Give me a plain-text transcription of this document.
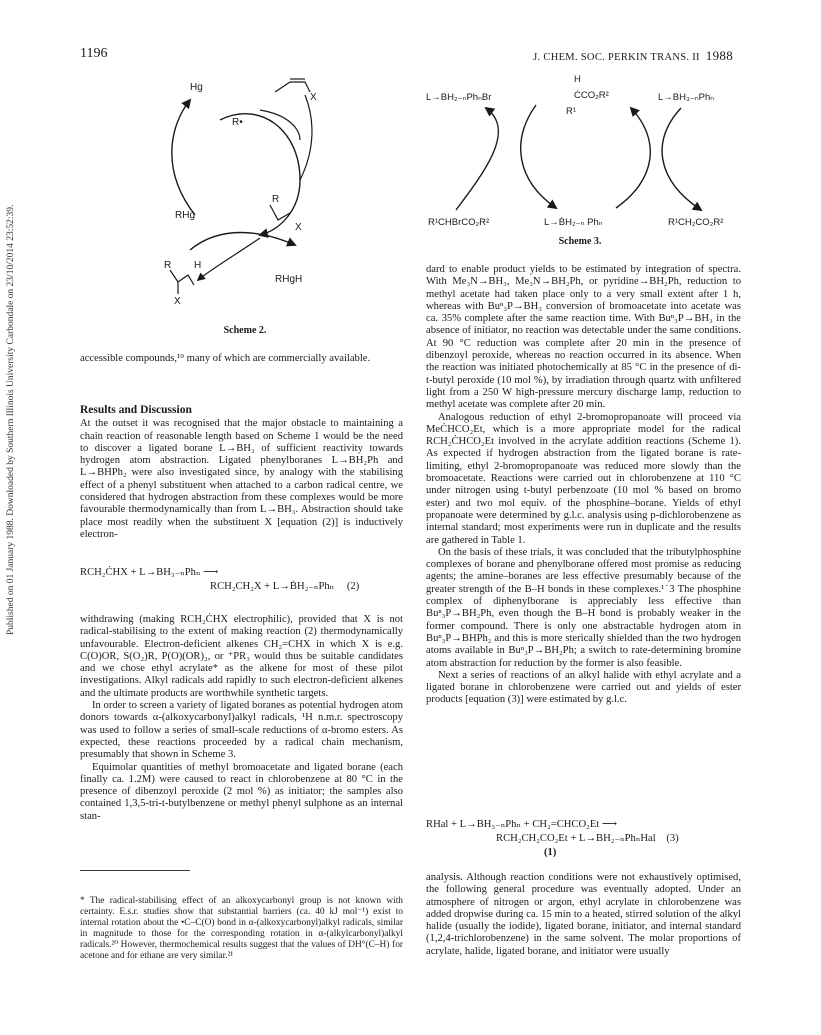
Published on 01 January 1988. Downloaded by Southern Illinois University Carbondale on 23/10/2014 23:52:39.
1196	J. CHEM. SOC. PERKIN TRANS. II 1988
Hg
X
R•
R
X
RHg
R H
X
RHgH
Scheme 2.
L→BH₂₋ₙPhₙBr
H
ĊCO₂R²
R¹
L→BH₃₋ₙPhₙ
R¹CHBrCO₂R²	L→ḂH₂₋ₙ Phₙ	R¹CH₂CO₂R²
Scheme 3.

accessible compounds,¹⁹ many of which are commercially available.

Results and Discussion

At the outset it was recognised that the major obstacle to maintaining a chain reaction of reasonable length based on Scheme 1 would be the need to discover a ligated borane L→BH₃ of sufficient reactivity towards hydrogen atom abstraction. Ligated phenylboranes L→BH₂Ph and L→BHPh₂ were also investigated since, by analogy with the stabilising effect of a phenyl substituent when attached to a carbon radical centre, we considered that hydrogen abstraction from these complexes would be more favourable thermodynamically than from L→BH₃. Abstraction should take place most readily when the substituent X [equation (2)] is inductively electron-

RCH₂ĊHX + L→BH₃₋ₙPhₙ ⟶
RCH₂CH₂X + L→ḂH₂₋ₙPhₙ (2)

withdrawing (making RCH₂ĊHX electrophilic), provided that X is not radical-stabilising to the extent of making reaction (2) thermodynamically unfavourable. Electron-deficient alkenes CH₂=CHX in which X is e.g. C(O)OR, S(O₂)R, P(O)(OR)₂, or ⁺PR₃ would thus be suitable candidates and we chose ethyl acrylate* as the alkene for most of these pilot investigations. Alkyl radicals add rapidly to such electron-deficient alkenes and the ultimate products are worthwhile synthetic targets.

In order to screen a variety of ligated boranes as potential hydrogen atom donors towards α-(alkoxycarbonyl)alkyl radicals, ¹H n.m.r. spectroscopy was used to follow a series of small-scale reductions of α-bromo esters. As expected, these reactions proceeded by a radical chain mechanism, presumably that shown in Scheme 3.

Equimolar quantities of methyl bromoacetate and ligated borane (each finally ca. 1.2M) were caused to react in chlorobenzene at 80 °C in the presence of dibenzoyl peroxide (2 mol %) as initiator; the samples also contained 1,3,5-tri-t-butylbenzene or methyl phenyl sulphone as an internal stan-

* The radical-stabilising effect of an alkoxycarbonyl group is not known with certainty. E.s.r. studies show that substantial barriers (ca. 40 kJ mol⁻¹) exist to internal rotation about the •C–C(O) bond in α-(alkoxycarbonyl)alkyl radicals, similar in magnitude to those for the corresponding rotation in α-(alkylcarbonyl)alkyl radicals.²⁰ However, thermochemical results suggest that the values of DH°(C–H) for acetone and for ethane are very similar.²¹

dard to enable product yields to be estimated by integration of spectra. With Me₃N→BH₃, Me₃N→BH₂Ph, or pyridine→BH₂Ph, reduction to methyl acetate had taken place only to a very small extent after 1 h, whereas with Buⁿ₃P→BH₃ conversion of bromoacetate into acetate was ca. 35% complete after the same reaction time. With Buⁿ₃P→BH₃ in the absence of initiator, no reaction was detectable under the same conditions. At 90 °C reduction was complete after 20 min in the presence of dibenzoyl peroxide, whereas no reaction occurred in its absence. When the reaction was initiated photochemically at 85 °C in the presence of di-t-butyl peroxide (10 mol %), by irradiation through quartz with unfiltered light from a 250 W high-pressure mercury discharge lamp, reduction to methyl acetate was complete after 20 min.

Analogous reduction of ethyl 2-bromopropanoate will proceed via MeĊHCO₂Et, which is a more appropriate model for the radical RCH₂ĊHCO₂Et involved in the acrylate addition reactions (Scheme 1). As expected if hydrogen abstraction from the ligated borane is rate-limiting, ethyl 2-bromopropanoate was reduced more slowly than the bromoacetate. Reactions were carried out in chlorobenzene at 110 °C under nitrogen using t-butyl perbenzoate (10 mol % based on bromo ester) and two mol equiv. of the phosphine–borane. Yields of ethyl propanoate were determined by g.l.c. analysis using p-dichlorobenzene as internal standard; most experiments were run in duplicate and the results are gathered in Table 1.

On the basis of these trials, it was concluded that the tributylphosphine complexes of borane and phenylborane offered most promise as reducing agents; the amine–boranes are less effective presumably because of the greater strength of the B–H bonds in these complexes.¹˙3 The phosphine complex of diphenylborane is appreciably less effective than Buⁿ₃P→BH₂Ph, even though the B–H bond is probably weaker in the former compound. There is only one abstractable hydrogen atom in Buⁿ₃P→BHPh₂ and this is more sterically shielded than the two hydrogen atoms available in Buⁿ₃P→BH₂Ph; a switch to rate-determining bromine atom abstraction for reduction by the former is also feasible.

Next a series of reactions of an alkyl halide with ethyl acrylate and a ligated borane in chlorobenzene were carried out and yields of ester products [equation (3)] were estimated by g.l.c.

RHal + L→BH₃₋ₙPhₙ + CH₂=CHCO₂Et ⟶
RCH₂CH₂CO₂Et + L→BH₂₋ₙPhₙHal (3)
(1)

analysis. Although reaction conditions were not exhaustively optimised, the following general procedure was eventually adopted. Under an atmosphere of nitrogen or argon, ethyl acrylate in chlorobenzene was added dropwise during ca. 15 min to a heated, stirred solution of the alkyl halide (usually the iodide), ligated borane, initiator, and internal standard (1,2,4-trichlorobenzene) in the same solvent. The molar proportions of acrylate, halide, ligated borane, and initiator were usually
